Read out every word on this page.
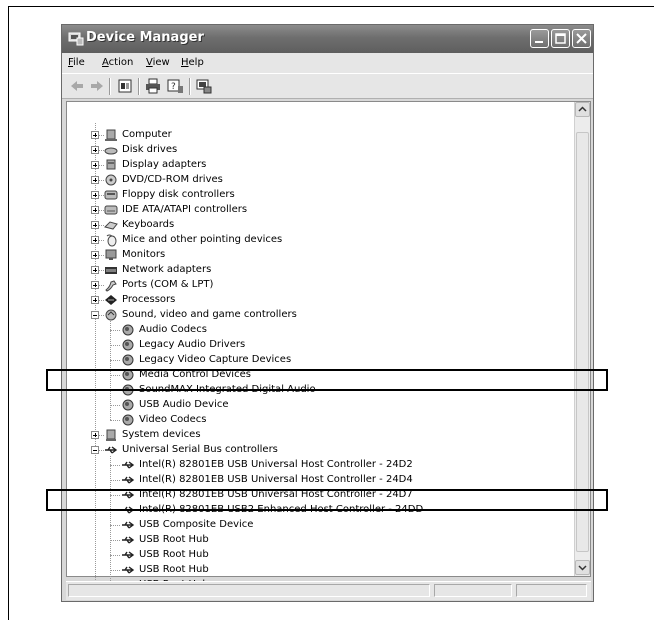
Device Manager
File Action View Help
?
Computer
Disk drives
Display adapters
DVD/CD-ROM drives
Floppy disk controllers
IDE ATA/ATAPI controllers
Keyboards
Mice and other pointing devices
Monitors
Network adapters
Ports (COM & LPT)
Processors
Sound, video and game controllers
Audio Codecs
Legacy Audio Drivers
Legacy Video Capture Devices
Media Control Devices
SoundMAX Integrated Digital Audio
USB Audio Device
Video Codecs
System devices
Universal Serial Bus controllers
Intel(R) 82801EB USB Universal Host Controller - 24D2
Intel(R) 82801EB USB Universal Host Controller - 24D4
Intel(R) 82801EB USB Universal Host Controller - 24D7
Intel(R) 82801EB USB2 Enhanced Host Controller - 24DD
USB Composite Device
USB Root Hub
USB Root Hub
USB Root Hub
